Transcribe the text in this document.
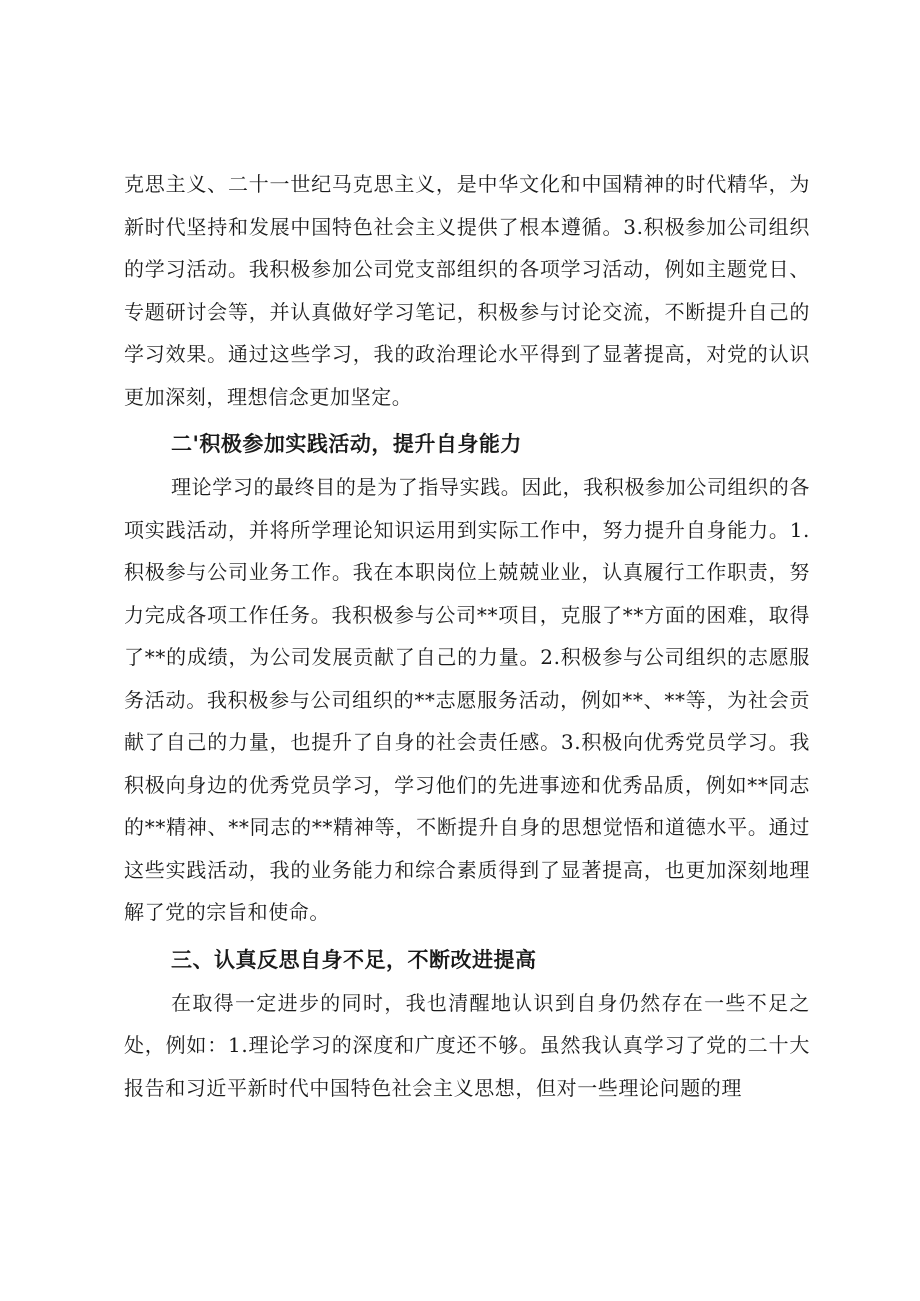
克思主义、二十一世纪马克思主义，是中华文化和中国精神的时代精华，为新时代坚持和发展中国特色社会主义提供了根本遵循。3.积极参加公司组织的学习活动。我积极参加公司党支部组织的各项学习活动，例如主题党日、专题研讨会等，并认真做好学习笔记，积极参与讨论交流，不断提升自己的学习效果。通过这些学习，我的政治理论水平得到了显著提高，对党的认识更加深刻，理想信念更加坚定。

二'积极参加实践活动，提升自身能力

理论学习的最终目的是为了指导实践。因此，我积极参加公司组织的各项实践活动，并将所学理论知识运用到实际工作中，努力提升自身能力。1.积极参与公司业务工作。我在本职岗位上兢兢业业，认真履行工作职责，努力完成各项工作任务。我积极参与公司**项目，克服了**方面的困难，取得了**的成绩，为公司发展贡献了自己的力量。2.积极参与公司组织的志愿服务活动。我积极参与公司组织的**志愿服务活动，例如**、**等，为社会贡献了自己的力量，也提升了自身的社会责任感。3.积极向优秀党员学习。我积极向身边的优秀党员学习，学习他们的先进事迹和优秀品质，例如**同志的**精神、**同志的**精神等，不断提升自身的思想觉悟和道德水平。通过这些实践活动，我的业务能力和综合素质得到了显著提高，也更加深刻地理解了党的宗旨和使命。

三、认真反思自身不足，不断改进提高

在取得一定进步的同时，我也清醒地认识到自身仍然存在一些不足之处，例如：1.理论学习的深度和广度还不够。虽然我认真学习了党的二十大报告和习近平新时代中国特色社会主义思想，但对一些理论问题的理
